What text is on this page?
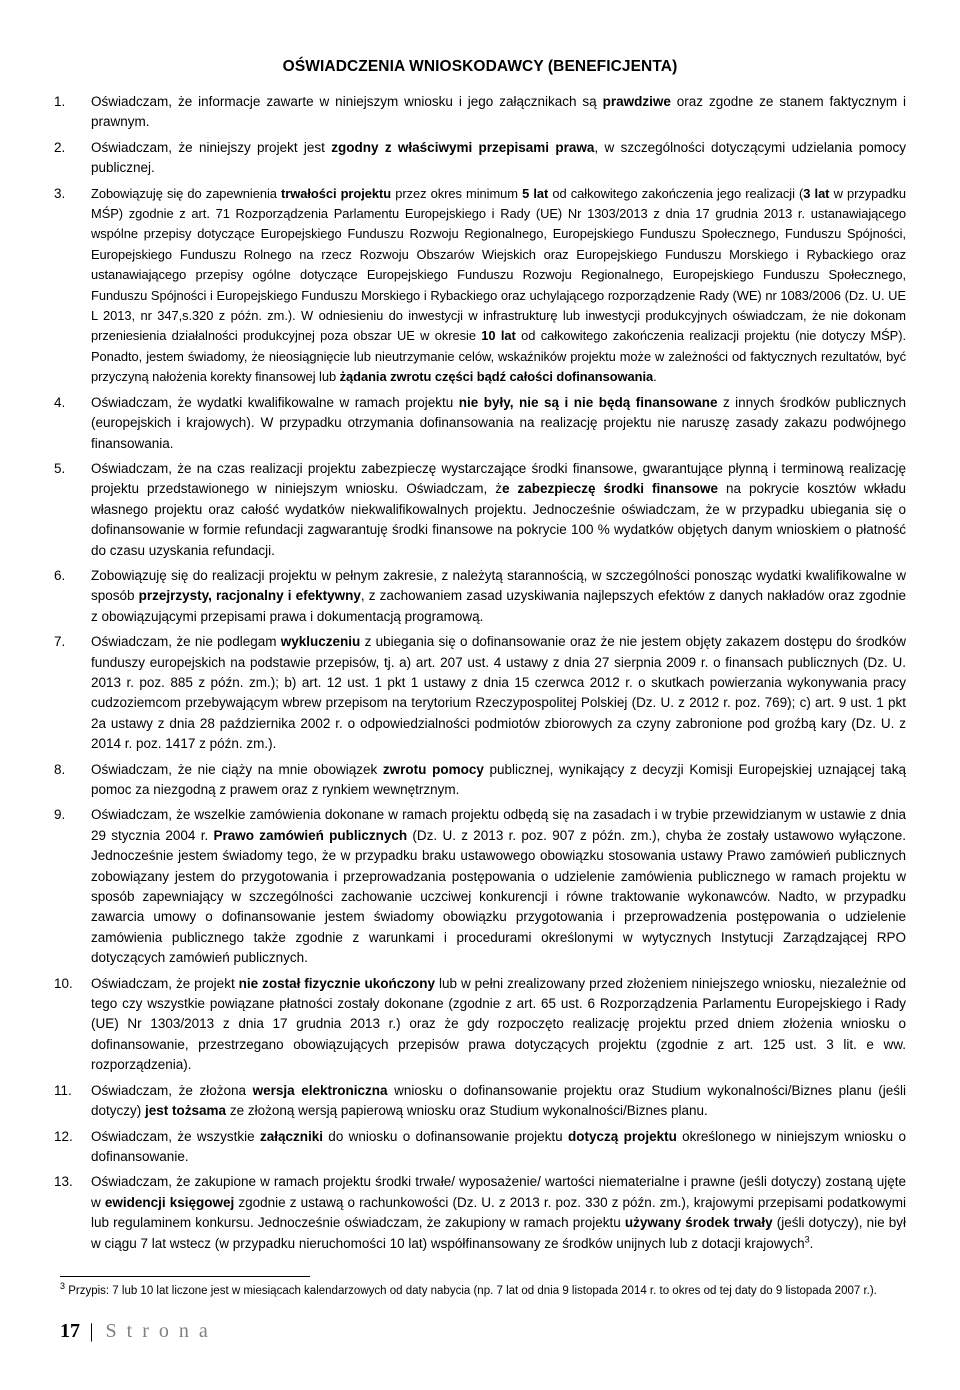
OŚWIADCZENIA WNIOSKODAWCY (BENEFICJENTA)
1. Oświadczam, że informacje zawarte w niniejszym wniosku i jego załącznikach są prawdziwe oraz zgodne ze stanem faktycznym i prawnym.
2. Oświadczam, że niniejszy projekt jest zgodny z właściwymi przepisami prawa, w szczególności dotyczącymi udzielania pomocy publicznej.
3. Zobowiązuję się do zapewnienia trwałości projektu przez okres minimum 5 lat od całkowitego zakończenia jego realizacji (3 lat w przypadku MŚP) zgodnie z art. 71 Rozporządzenia Parlamentu Europejskiego i Rady (UE) Nr 1303/2013 z dnia 17 grudnia 2013 r. ustanawiającego wspólne przepisy dotyczące Europejskiego Funduszu Rozwoju Regionalnego, Europejskiego Funduszu Społecznego, Funduszu Spójności, Europejskiego Funduszu Rolnego na rzecz Rozwoju Obszarów Wiejskich oraz Europejskiego Funduszu Morskiego i Rybackiego oraz ustanawiającego przepisy ogólne dotyczące Europejskiego Funduszu Rozwoju Regionalnego, Europejskiego Funduszu Społecznego, Funduszu Spójności i Europejskiego Funduszu Morskiego i Rybackiego oraz uchylającego rozporządzenie Rady (WE) nr 1083/2006 (Dz. U. UE L 2013, nr 347,s.320 z późn. zm.). W odniesieniu do inwestycji w infrastrukturę lub inwestycji produkcyjnych oświadczam, że nie dokonam przeniesienia działalności produkcyjnej poza obszar UE w okresie 10 lat od całkowitego zakończenia realizacji projektu (nie dotyczy MŚP). Ponadto, jestem świadomy, że nieosiągnięcie lub nieutrzymanie celów, wskaźników projektu może w zależności od faktycznych rezultatów, być przyczyną nałożenia korekty finansowej lub żądania zwrotu części bądź całości dofinansowania.
4. Oświadczam, że wydatki kwalifikowalne w ramach projektu nie były, nie są i nie będą finansowane z innych środków publicznych (europejskich i krajowych). W przypadku otrzymania dofinansowania na realizację projektu nie naruszę zasady zakazu podwójnego finansowania.
5. Oświadczam, że na czas realizacji projektu zabezpieczę wystarczające środki finansowe, gwarantujące płynną i terminową realizację projektu przedstawionego w niniejszym wniosku. Oświadczam, że zabezpieczę środki finansowe na pokrycie kosztów wkładu własnego projektu oraz całość wydatków niekwalifikowalnych projektu. Jednocześnie oświadczam, że w przypadku ubiegania się o dofinansowanie w formie refundacji zagwarantuję środki finansowe na pokrycie 100 % wydatków objętych danym wnioskiem o płatność do czasu uzyskania refundacji.
6. Zobowiązuję się do realizacji projektu w pełnym zakresie, z należytą starannością, w szczególności ponosząc wydatki kwalifikowalne w sposób przejrzysty, racjonalny i efektywny, z zachowaniem zasad uzyskiwania najlepszych efektów z danych nakładów oraz zgodnie z obowiązującymi przepisami prawa i dokumentacją programową.
7. Oświadczam, że nie podlegam wykluczeniu z ubiegania się o dofinansowanie oraz że nie jestem objęty zakazem dostępu do środków funduszy europejskich na podstawie przepisów, tj. a) art. 207 ust. 4 ustawy z dnia 27 sierpnia 2009 r. o finansach publicznych (Dz. U. 2013 r. poz. 885 z późn. zm.); b) art. 12 ust. 1 pkt 1 ustawy z dnia 15 czerwca 2012 r. o skutkach powierzania wykonywania pracy cudzoziemcom przebywającym wbrew przepisom na terytorium Rzeczypospolitej Polskiej (Dz. U. z 2012 r. poz. 769); c) art. 9 ust. 1 pkt 2a ustawy z dnia 28 października 2002 r. o odpowiedzialności podmiotów zbiorowych za czyny zabronione pod groźbą kary (Dz. U. z 2014 r. poz. 1417 z późn. zm.).
8. Oświadczam, że nie ciąży na mnie obowiązek zwrotu pomocy publicznej, wynikający z decyzji Komisji Europejskiej uznającej taką pomoc za niezgodną z prawem oraz z rynkiem wewnętrznym.
9. Oświadczam, że wszelkie zamówienia dokonane w ramach projektu odbędą się na zasadach i w trybie przewidzianym w ustawie z dnia 29 stycznia 2004 r. Prawo zamówień publicznych (Dz. U. z 2013 r. poz. 907 z późn. zm.), chyba że zostały ustawowo wyłączone. Jednocześnie jestem świadomy tego, że w przypadku braku ustawowego obowiązku stosowania ustawy Prawo zamówień publicznych zobowiązany jestem do przygotowania i przeprowadzania postępowania o udzielenie zamówienia publicznego w ramach projektu w sposób zapewniający w szczególności zachowanie uczciwej konkurencji i równe traktowanie wykonawców. Nadto, w przypadku zawarcia umowy o dofinansowanie jestem świadomy obowiązku przygotowania i przeprowadzenia postępowania o udzielenie zamówienia publicznego także zgodnie z warunkami i procedurami określonymi w wytycznych Instytucji Zarządzającej RPO dotyczących zamówień publicznych.
10. Oświadczam, że projekt nie został fizycznie ukończony lub w pełni zrealizowany przed złożeniem niniejszego wniosku, niezależnie od tego czy wszystkie powiązane płatności zostały dokonane (zgodnie z art. 65 ust. 6 Rozporządzenia Parlamentu Europejskiego i Rady (UE) Nr 1303/2013 z dnia 17 grudnia 2013 r.) oraz że gdy rozpoczęto realizację projektu przed dniem złożenia wniosku o dofinansowanie, przestrzegano obowiązujących przepisów prawa dotyczących projektu (zgodnie z art. 125 ust. 3 lit. e ww. rozporządzenia).
11. Oświadczam, że złożona wersja elektroniczna wniosku o dofinansowanie projektu oraz Studium wykonalności/Biznes planu (jeśli dotyczy) jest tożsama ze złożoną wersją papierową wniosku oraz Studium wykonalności/Biznes planu.
12. Oświadczam, że wszystkie załączniki do wniosku o dofinansowanie projektu dotyczą projektu określonego w niniejszym wniosku o dofinansowanie.
13. Oświadczam, że zakupione w ramach projektu środki trwałe/ wyposażenie/ wartości niematerialne i prawne (jeśli dotyczy) zostaną ujęte w ewidencji księgowej zgodnie z ustawą o rachunkowości (Dz. U. z 2013 r. poz. 330 z późn. zm.), krajowymi przepisami podatkowymi lub regulaminem konkursu. Jednocześnie oświadczam, że zakupiony w ramach projektu używany środek trwały (jeśli dotyczy), nie był w ciągu 7 lat wstecz (w przypadku nieruchomości 10 lat) współfinansowany ze środków unijnych lub z dotacji krajowych$^3$.
$^3$ Przypis: 7 lub 10 lat liczone jest w miesiącach kalendarzowych od daty nabycia (np. 7 lat od dnia 9 listopada 2014 r. to okres od tej daty do 9 listopada 2007 r.).
17 | S t r o n a
